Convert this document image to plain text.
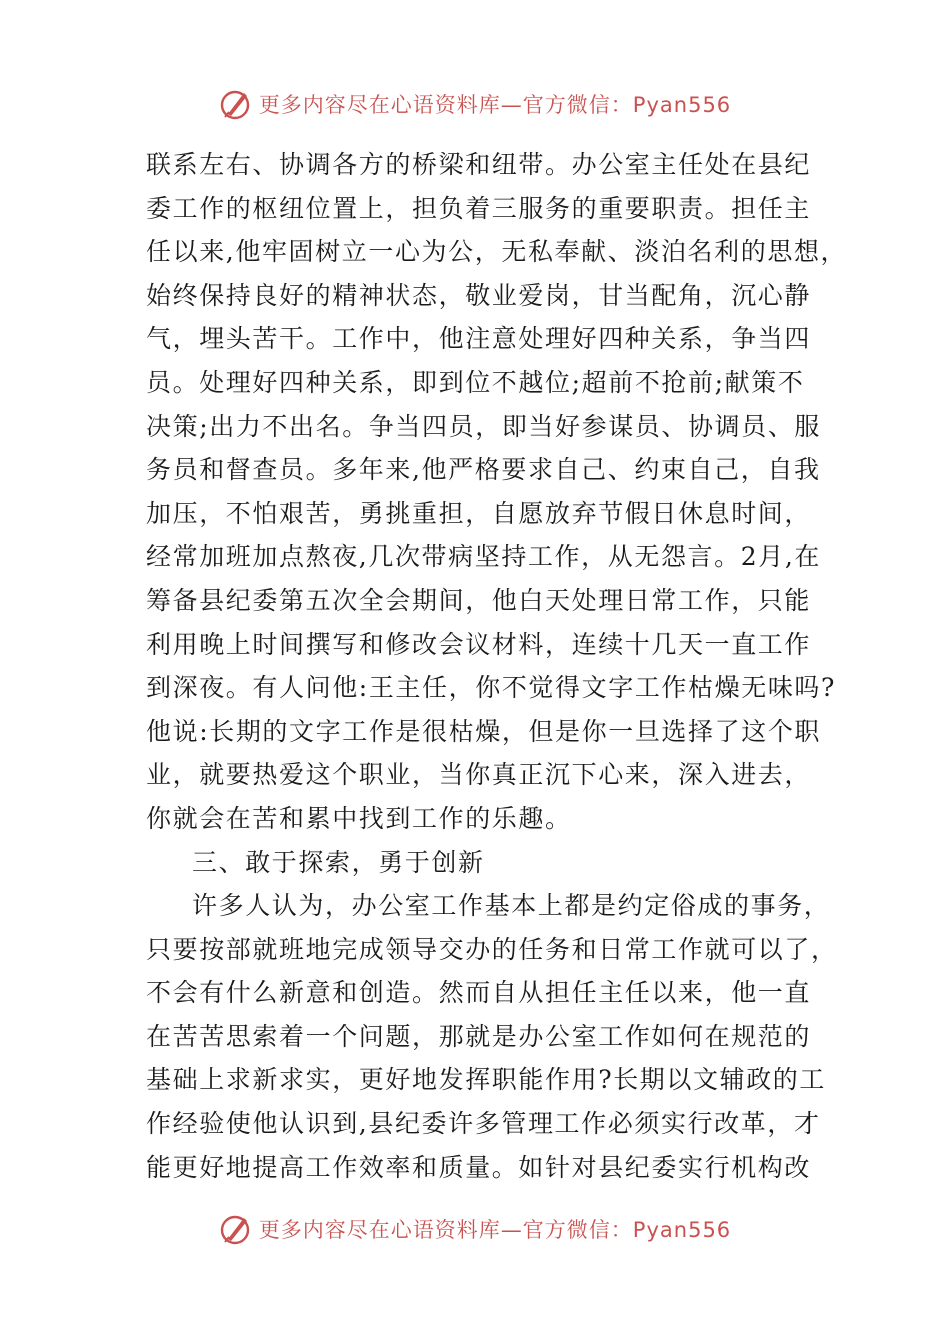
更多内容尽在心语资料库—官方微信：Pyan556
联系左右、协调各方的桥梁和纽带。办公室主任处在县纪
委工作的枢纽位置上，担负着三服务的重要职责。担任主
任以来,他牢固树立一心为公，无私奉献、淡泊名利的思想，
始终保持良好的精神状态，敬业爱岗，甘当配角，沉心静
气，埋头苦干。工作中，他注意处理好四种关系，争当四
员。处理好四种关系，即到位不越位;超前不抢前;献策不
决策;出力不出名。争当四员，即当好参谋员、协调员、服
务员和督查员。多年来,他严格要求自己、约束自己，自我
加压，不怕艰苦，勇挑重担，自愿放弃节假日休息时间，
经常加班加点熬夜,几次带病坚持工作，从无怨言。2月,在
筹备县纪委第五次全会期间，他白天处理日常工作，只能
利用晚上时间撰写和修改会议材料，连续十几天一直工作
到深夜。有人问他:王主任，你不觉得文字工作枯燥无味吗?
他说:长期的文字工作是很枯燥，但是你一旦选择了这个职
业，就要热爱这个职业，当你真正沉下心来，深入进去，
你就会在苦和累中找到工作的乐趣。
三、敢于探索，勇于创新
许多人认为，办公室工作基本上都是约定俗成的事务，
只要按部就班地完成领导交办的任务和日常工作就可以了，
不会有什么新意和创造。然而自从担任主任以来，他一直
在苦苦思索着一个问题，那就是办公室工作如何在规范的
基础上求新求实，更好地发挥职能作用?长期以文辅政的工
作经验使他认识到,县纪委许多管理工作必须实行改革，才
能更好地提高工作效率和质量。如针对县纪委实行机构改
更多内容尽在心语资料库—官方微信：Pyan556
